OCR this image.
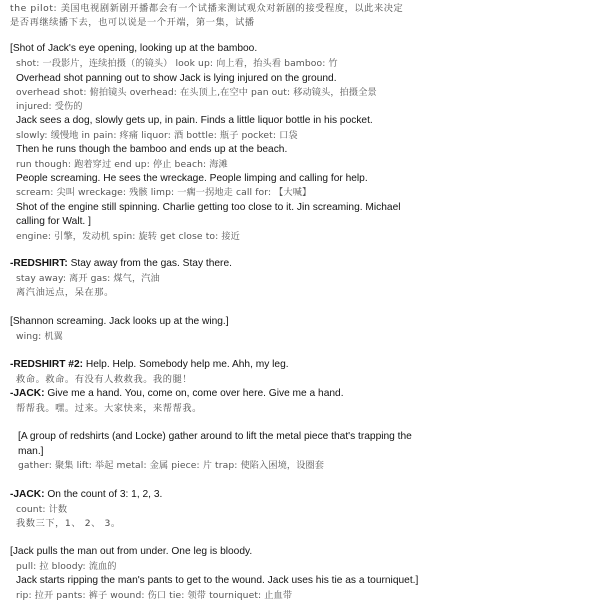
the pilot: 美国电视剧新剧开播都会有一个试播来测试观众对新剧的接受程度，以此来决定
是否再继续播下去，也可以说是一个开端，第一集，试播
[Shot of Jack's eye opening, looking up at the bamboo.
shot: 一段影片，连续拍摄（的镜头） look up: 向上看，抬头看 bamboo: 竹
Overhead shot panning out to show Jack is lying injured on the ground.
overhead shot: 俯拍镜头 overhead: 在头顶上,在空中 pan out: 移动镜头，拍摄全景
injured: 受伤的
Jack sees a dog, slowly gets up, in pain. Finds a little liquor bottle in his pocket.
slowly: 缓慢地 in pain: 疼痛 liquor: 酒 bottle: 瓶子 pocket: 口袋
Then he runs though the bamboo and ends up at the beach.
run though: 跑着穿过 end up: 停止 beach: 海滩
People screaming. He sees the wreckage. People limping and calling for help.
scream: 尖叫 wreckage: 残骸 limp: 一瘸一拐地走 call for: 【大喊】
Shot of the engine still spinning. Charlie getting too close to it. Jin screaming. Michael
calling for Walt. ]
engine: 引擎，发动机 spin: 旋转 get close to: 接近
-REDSHIRT: Stay away from the gas. Stay there.
stay away: 离开 gas: 煤气，汽油
离汽油远点，呆在那。
[Shannon screaming. Jack looks up at the wing.]
wing: 机翼
-REDSHIRT #2: Help. Help. Somebody help me. Ahh, my leg.
救命。救命。有没有人救救我。我的腿！
-JACK: Give me a hand. You, come on, come over here. Give me a hand.
帮帮我。嘿。过来。大家快来，来帮帮我。
[A group of redshirts (and Locke) gather around to lift the metal piece that's trapping the
man.]
gather: 聚集 lift: 举起 metal: 金属 piece: 片 trap: 使陷入困境，设圈套
-JACK: On the count of 3: 1, 2, 3.
count: 计数
我数三下，1、 2、 3。
[Jack pulls the man out from under. One leg is bloody.
pull: 拉 bloody: 流血的
Jack starts ripping the man's pants to get to the wound. Jack uses his tie as a tourniquet.]
rip: 拉开 pants: 裤子 wound: 伤口 tie: 领带 tourniquet: 止血带
